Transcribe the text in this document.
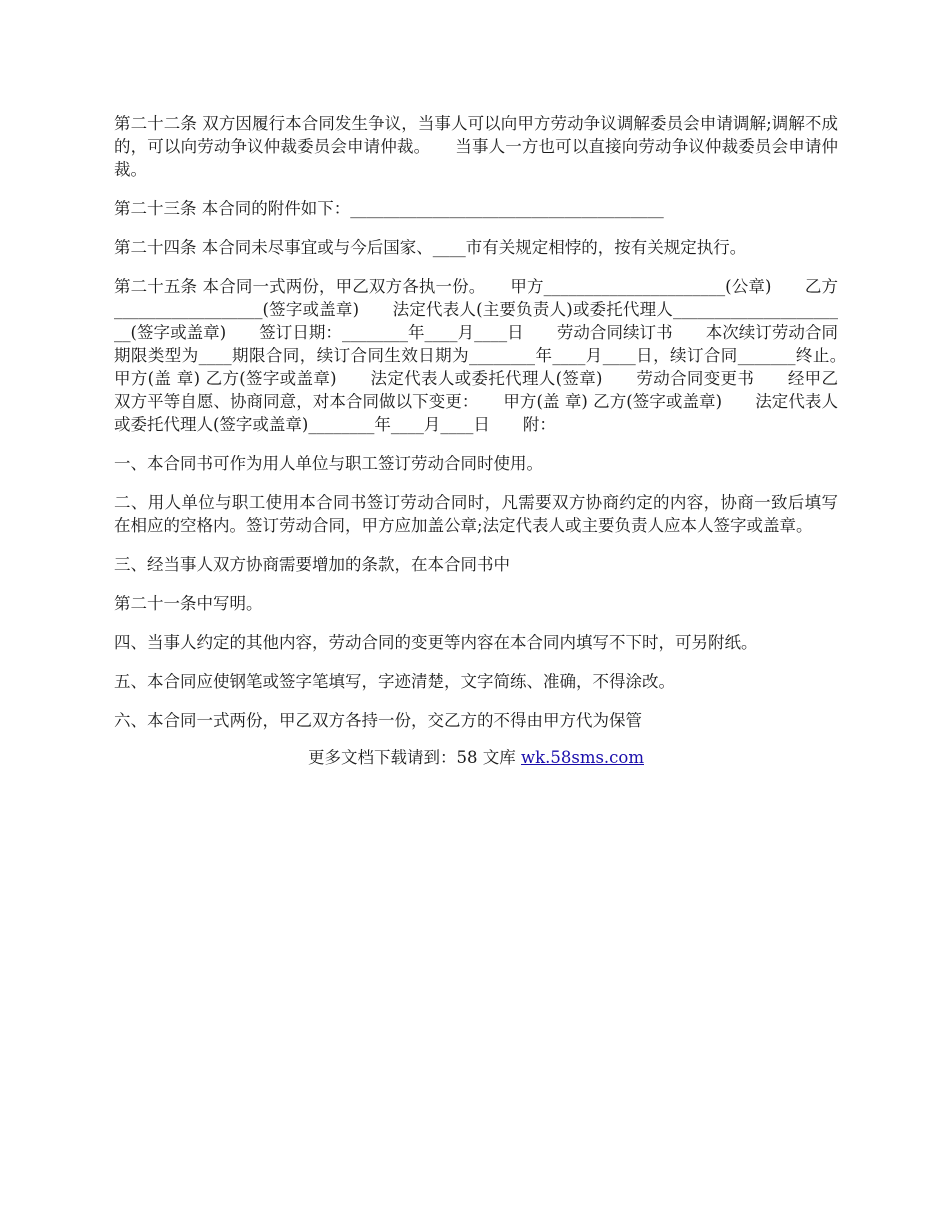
第二十二条 双方因履行本合同发生争议，当事人可以向甲方劳动争议调解委员会申请调解;调解不成的，可以向劳动争议仲裁委员会申请仲裁。　　当事人一方也可以直接向劳动争议仲裁委员会申请仲裁。

第二十三条 本合同的附件如下：______________________________________

第二十四条 本合同未尽事宜或与今后国家、____市有关规定相悖的，按有关规定执行。

第二十五条 本合同一式两份，甲乙双方各执一份。　　甲方______________________(公章)　　乙方__________________(签字或盖章)　　法定代表人(主要负责人)或委托代理人______________________(签字或盖章)　　签订日期：________年____月____日　　劳动合同续订书　　本次续订劳动合同期限类型为____期限合同，续订合同生效日期为________年____月____日，续订合同_______终止。　　甲方(盖 章) 乙方(签字或盖章)　　法定代表人或委托代理人(签章)　　劳动合同变更书　　经甲乙双方平等自愿、协商同意，对本合同做以下变更：　　甲方(盖 章) 乙方(签字或盖章)　　法定代表人或委托代理人(签字或盖章)________年____月____日　　附：

一、本合同书可作为用人单位与职工签订劳动合同时使用。

二、用人单位与职工使用本合同书签订劳动合同时，凡需要双方协商约定的内容，协商一致后填写在相应的空格内。签订劳动合同，甲方应加盖公章;法定代表人或主要负责人应本人签字或盖章。

三、经当事人双方协商需要增加的条款，在本合同书中

第二十一条中写明。

四、当事人约定的其他内容，劳动合同的变更等内容在本合同内填写不下时，可另附纸。

五、本合同应使钢笔或签字笔填写，字迹清楚，文字简练、准确，不得涂改。

六、本合同一式两份，甲乙双方各持一份，交乙方的不得由甲方代为保管

更多文档下载请到：58 文库 wk.58sms.com
